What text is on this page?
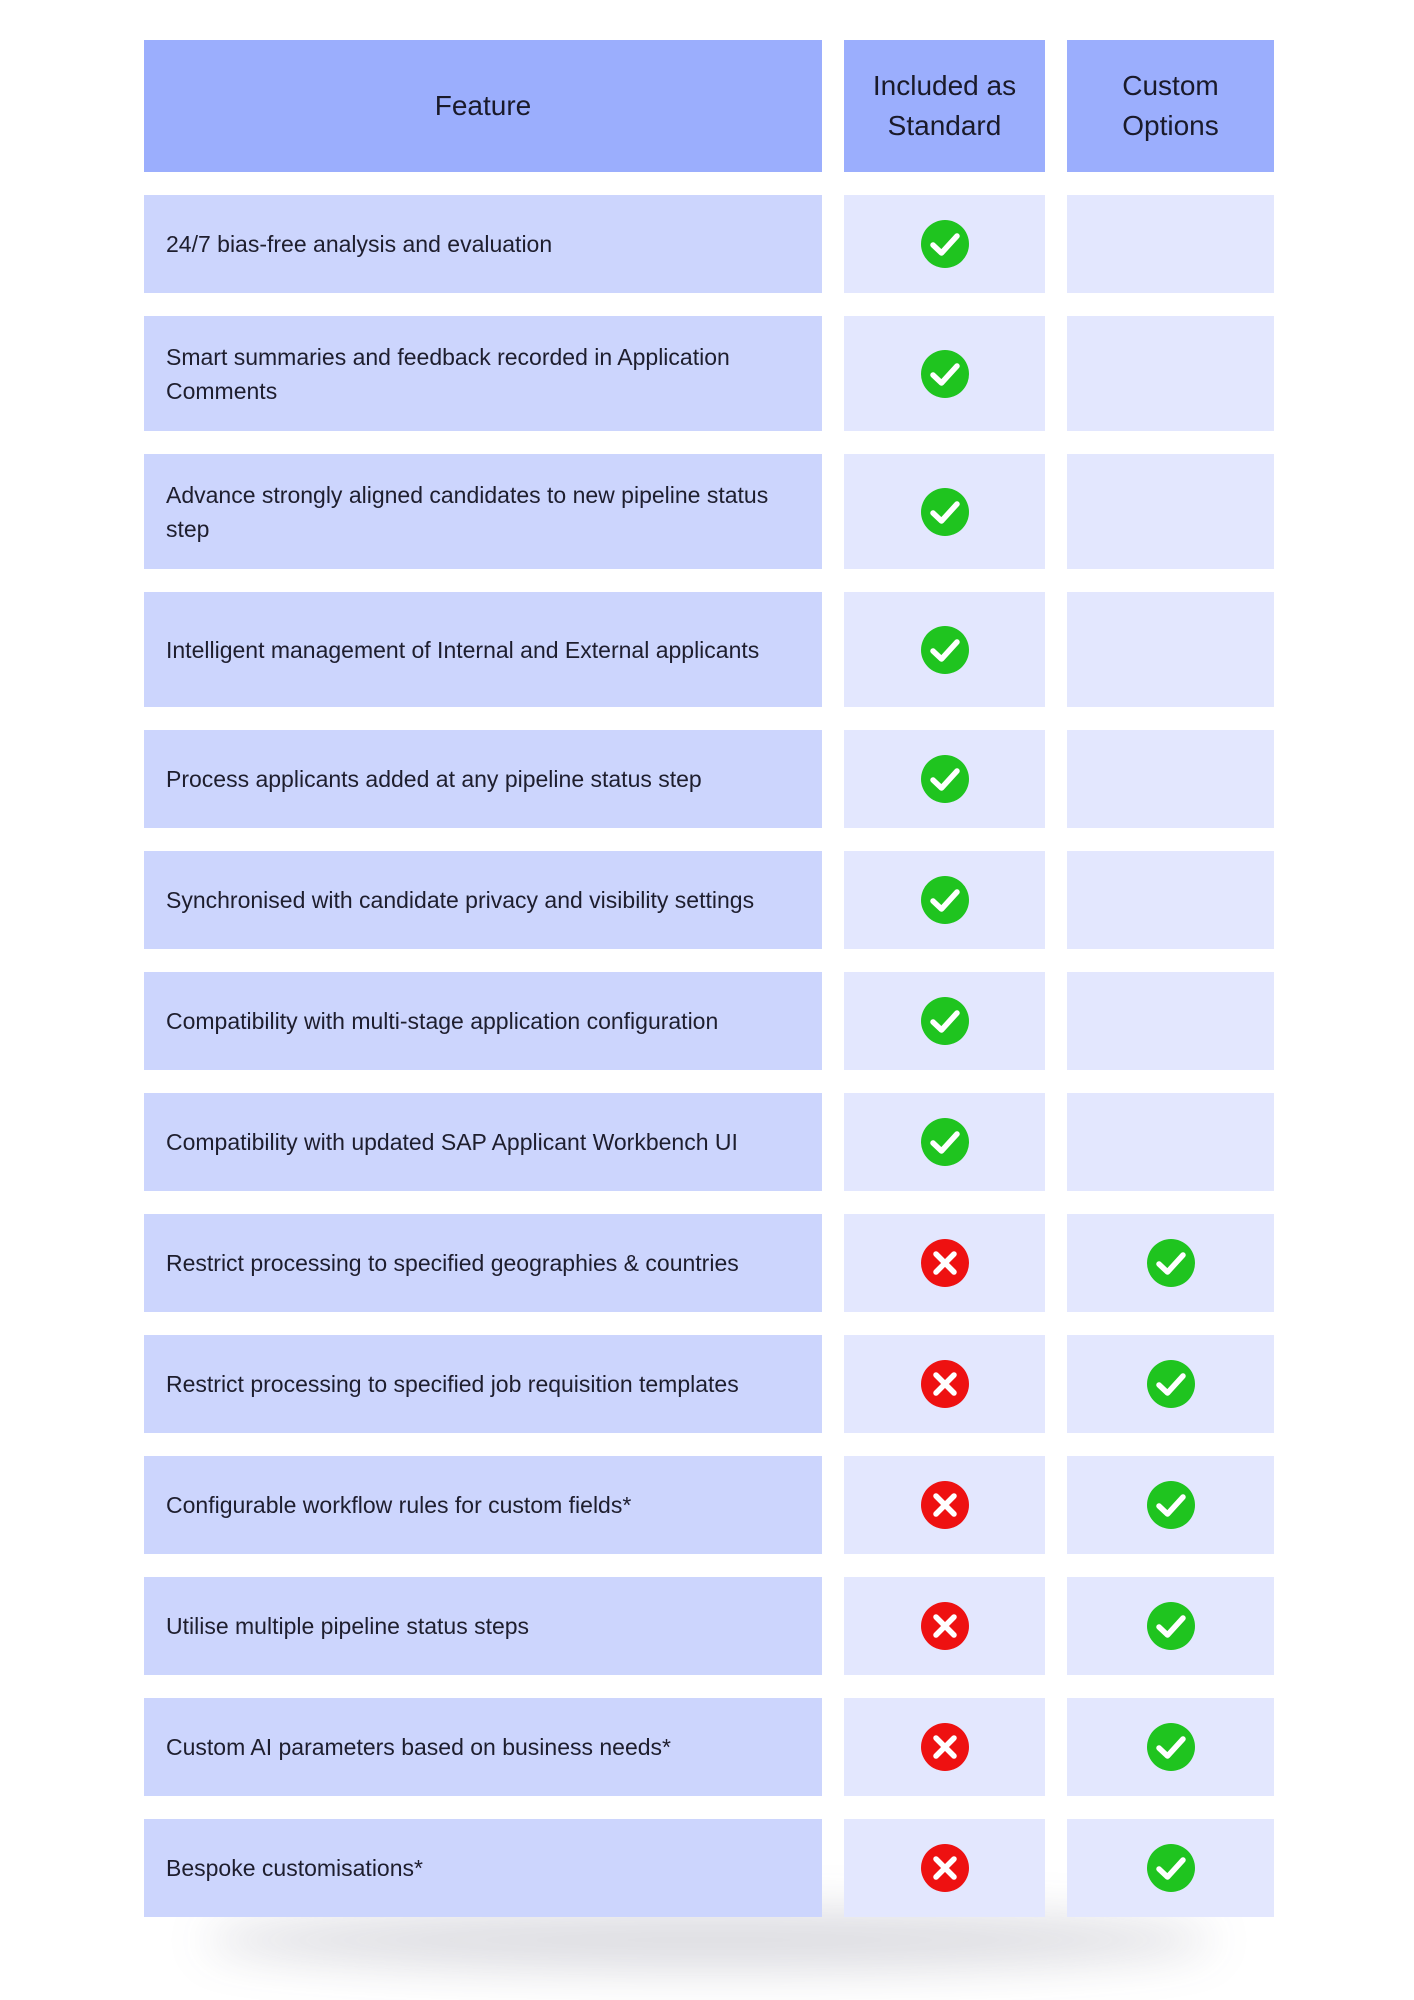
Feature
Included as
Standard
Custom
Options
24/7 bias-free analysis and evaluation
Smart summaries and feedback recorded in Application Comments
Advance strongly aligned candidates to new pipeline status step
Intelligent management of Internal and External applicants
Process applicants added at any pipeline status step
Synchronised with candidate privacy and visibility settings
Compatibility with multi-stage application configuration
Compatibility with updated SAP Applicant Workbench UI
Restrict processing to specified geographies & countries
Restrict processing to specified job requisition templates
Configurable workflow rules for custom fields*
Utilise multiple pipeline status steps
Custom AI parameters based on business needs*
Bespoke customisations*
